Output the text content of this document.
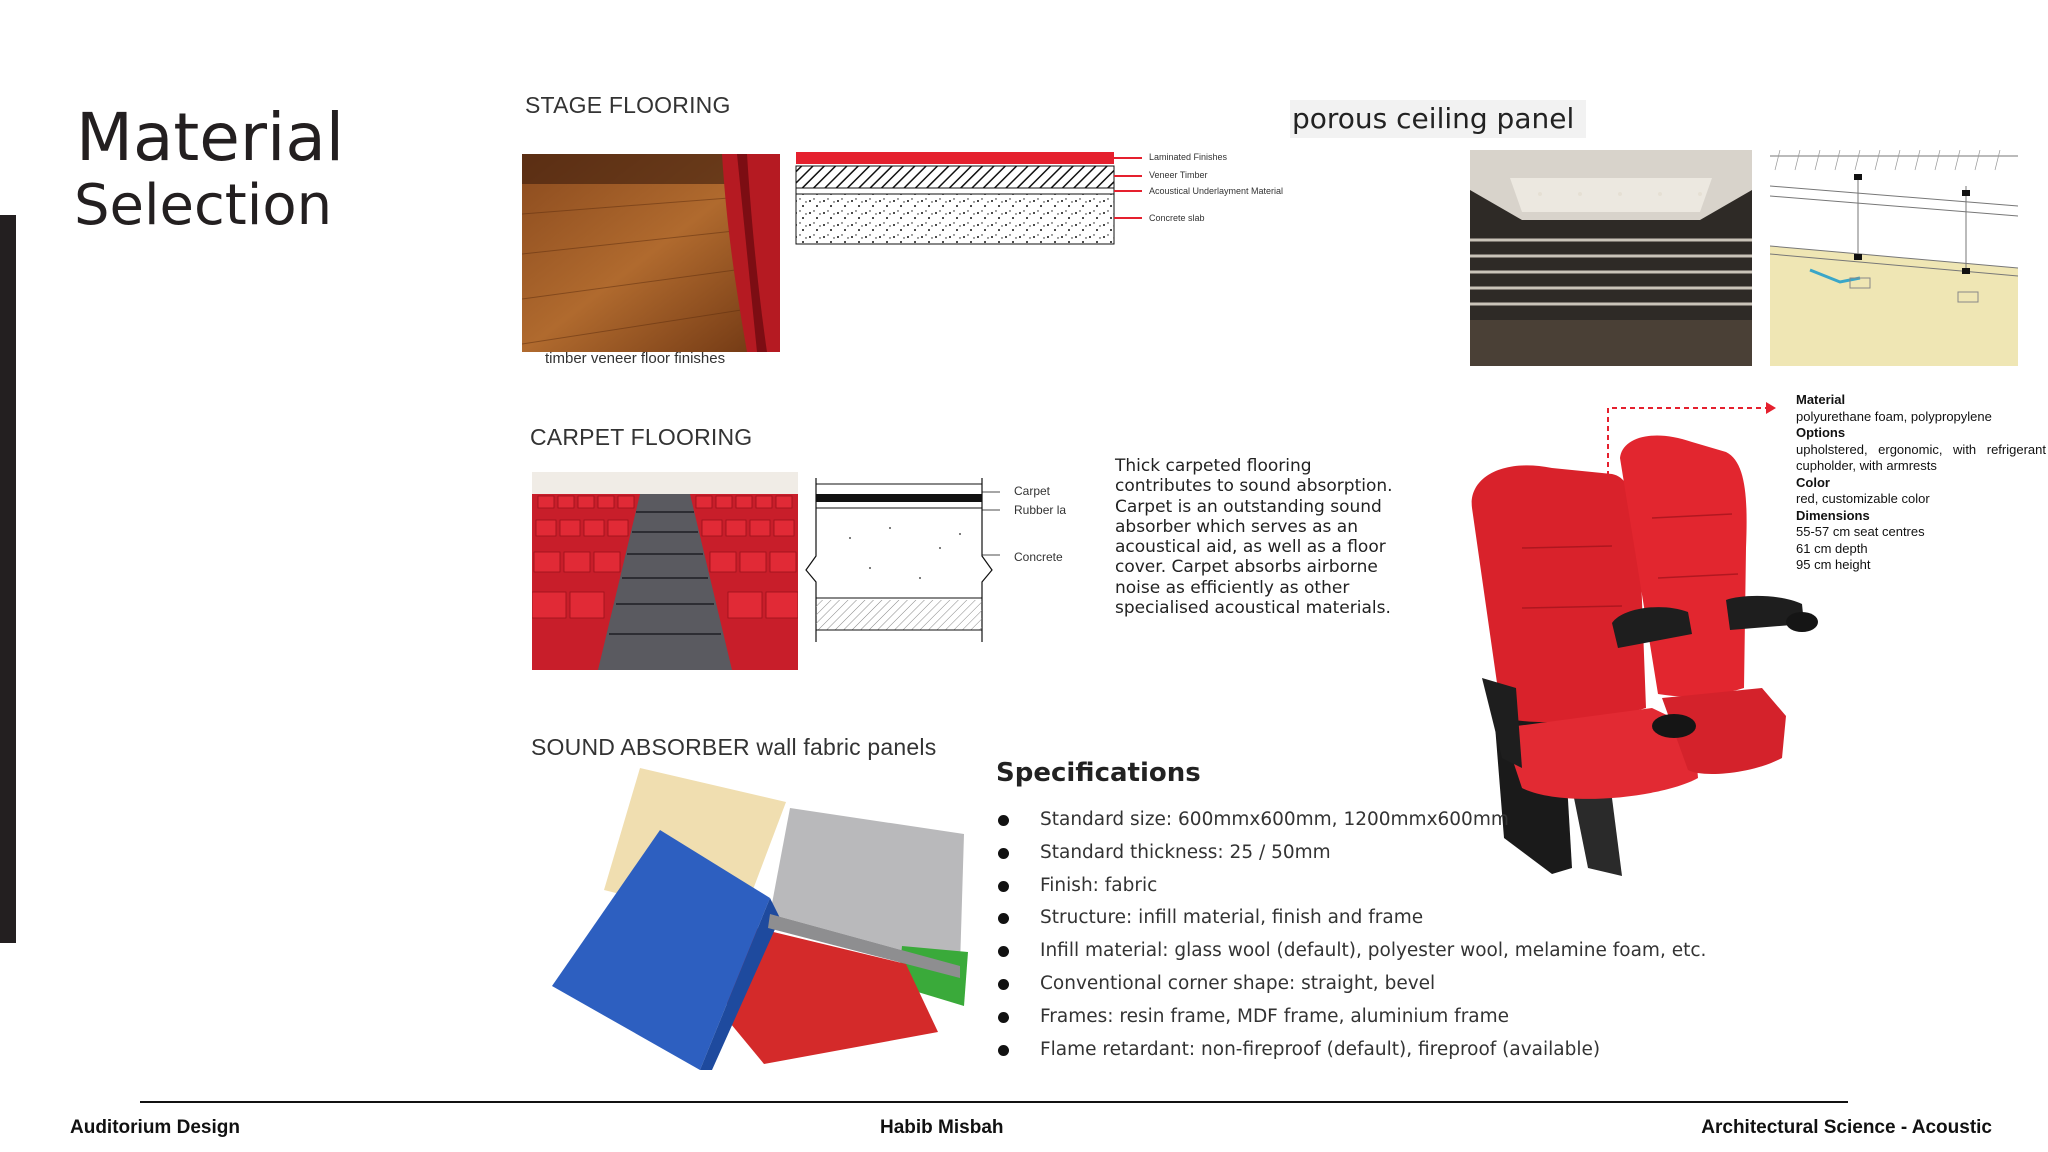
Material
Selection
STAGE FLOORING
timber veneer floor finishes
Laminated Finishes
Veneer Timber
Acoustical Underlayment Material
Concrete slab
porous ceiling panel
CARPET FLOORING
Carpet
Rubber la
Concrete
Thick carpeted flooring contributes to sound absorption. Carpet is an outstanding sound absorber which serves as an acoustical aid, as well as a floor cover. Carpet absorbs airborne noise as efficiently as other specialised acoustical materials.
Material
polyurethane foam, polypropylene
Options
upholstered, ergonomic, with refrigerant cupholder, with armrests
Color
red, customizable color
Dimensions
55-57 cm seat centres
61 cm depth
95 cm height
SOUND ABSORBER wall fabric panels
Specifications
Standard size: 600mmx600mm, 1200mmx600mm
Standard thickness: 25 / 50mm
Finish: fabric
Structure: infill material, finish and frame
Infill material: glass wool (default), polyester wool, melamine foam, etc.
Conventional corner shape: straight, bevel
Frames: resin frame, MDF frame, aluminium frame
Flame retardant: non-fireproof (default), fireproof (available)
Auditorium Design	Habib Misbah	Architectural Science - Acoustic
